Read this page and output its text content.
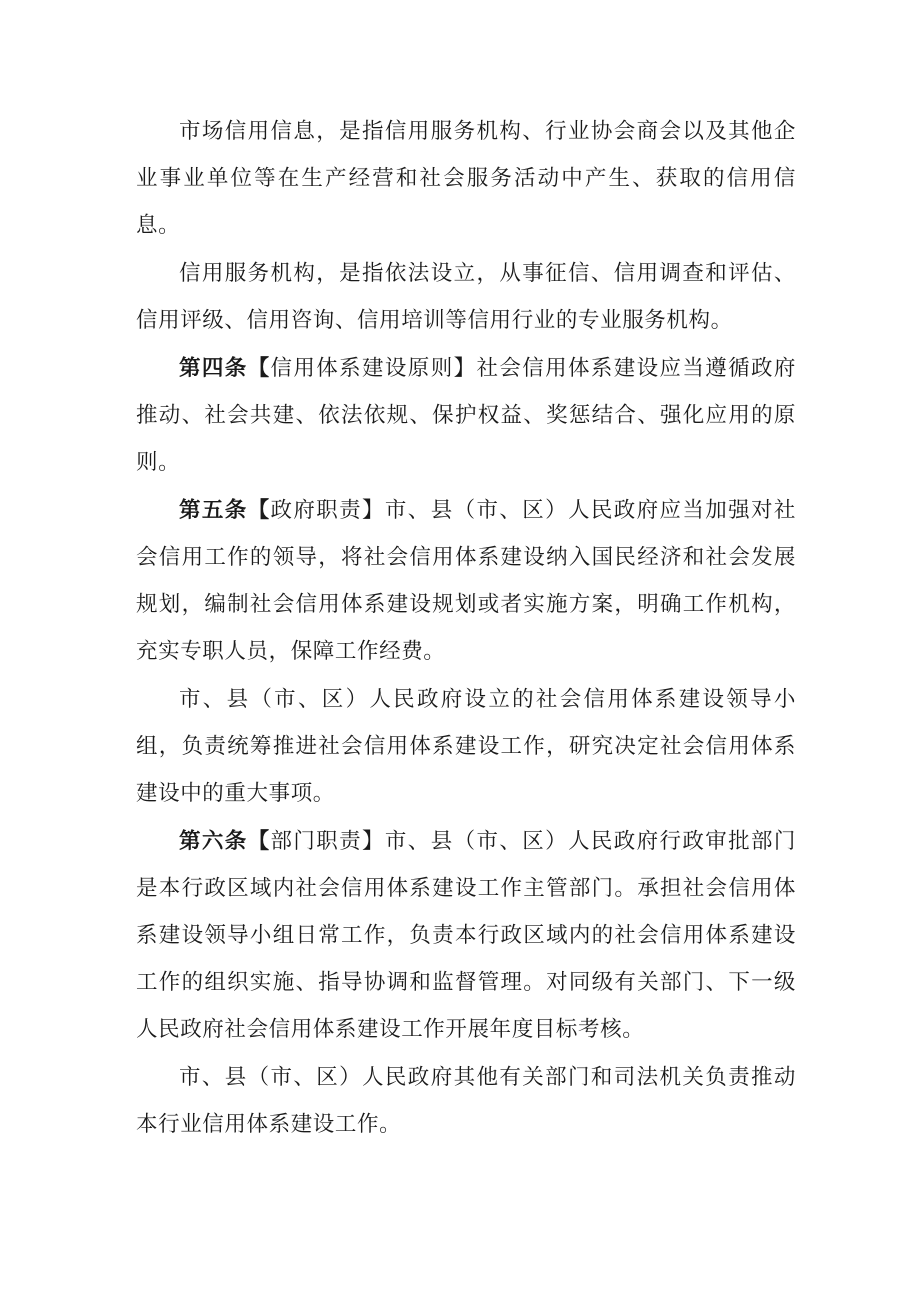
市场信用信息，是指信用服务机构、行业协会商会以及其他企业事业单位等在生产经营和社会服务活动中产生、获取的信用信息。

信用服务机构，是指依法设立，从事征信、信用调查和评估、信用评级、信用咨询、信用培训等信用行业的专业服务机构。

第四条【信用体系建设原则】社会信用体系建设应当遵循政府推动、社会共建、依法依规、保护权益、奖惩结合、强化应用的原则。

第五条【政府职责】市、县（市、区）人民政府应当加强对社会信用工作的领导，将社会信用体系建设纳入国民经济和社会发展规划，编制社会信用体系建设规划或者实施方案，明确工作机构，充实专职人员，保障工作经费。

市、县（市、区）人民政府设立的社会信用体系建设领导小组，负责统筹推进社会信用体系建设工作，研究决定社会信用体系建设中的重大事项。

第六条【部门职责】市、县（市、区）人民政府行政审批部门是本行政区域内社会信用体系建设工作主管部门。承担社会信用体系建设领导小组日常工作，负责本行政区域内的社会信用体系建设工作的组织实施、指导协调和监督管理。对同级有关部门、下一级人民政府社会信用体系建设工作开展年度目标考核。

市、县（市、区）人民政府其他有关部门和司法机关负责推动本行业信用体系建设工作。
